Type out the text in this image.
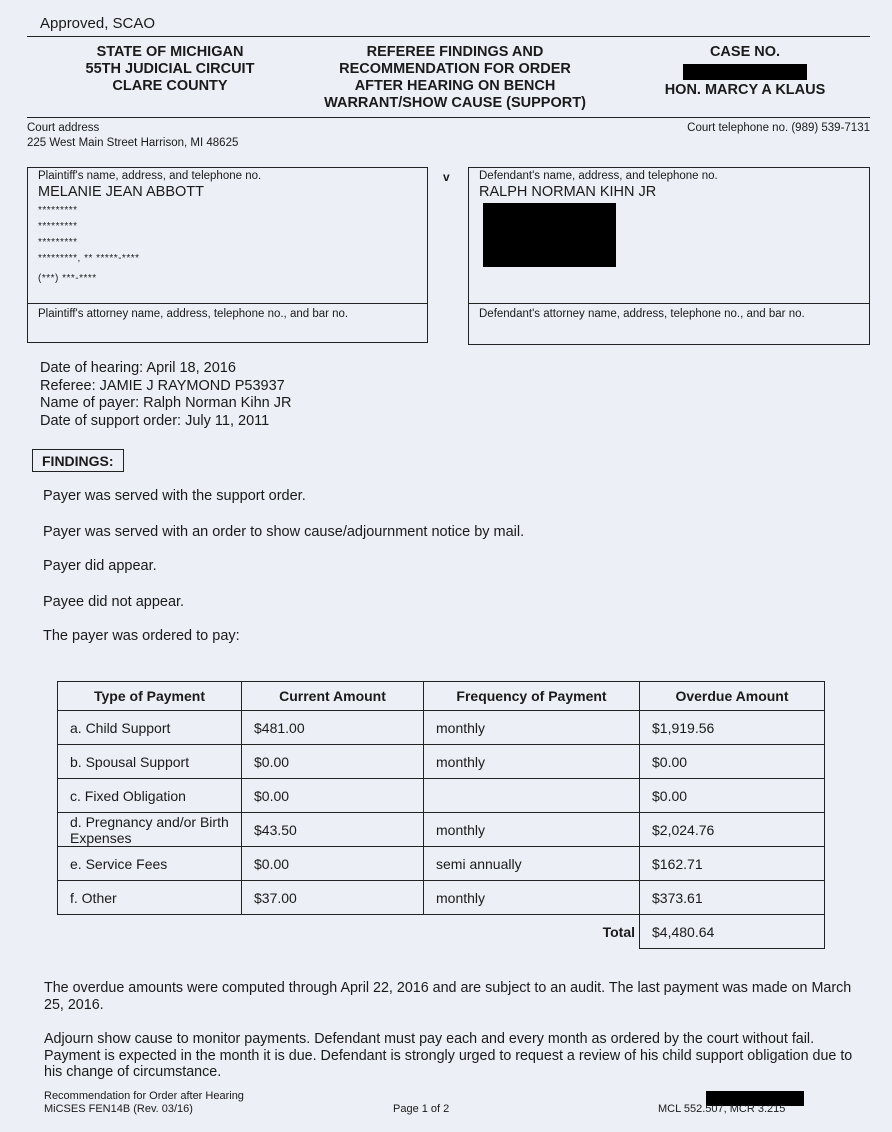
Approved, SCAO
STATE OF MICHIGAN
55TH JUDICIAL CIRCUIT
CLARE COUNTY
REFEREE FINDINGS AND
RECOMMENDATION FOR ORDER
AFTER HEARING ON BENCH
WARRANT/SHOW CAUSE (SUPPORT)
CASE NO.
HON. MARCY A KLAUS
Court address
225 West Main Street Harrison, MI 48625
Court telephone no. (989) 539-7131
Plaintiff's name, address, and telephone no.
MELANIE JEAN ABBOTT
*********
*********
*********
*********, ** *****-****
(***) ***-****
Plaintiff's attorney name, address, telephone no., and bar no.
v	Defendant's name, address, and telephone no.
RALPH NORMAN KIHN JR
Defendant's attorney name, address, telephone no., and bar no.
Date of hearing: April 18, 2016
Referee: JAMIE J RAYMOND P53937
Name of payer: Ralph Norman Kihn JR
Date of support order: July 11, 2011
FINDINGS:
Payer was served with the support order.
Payer was served with an order to show cause/adjournment notice by mail.
Payer did appear.
Payee did not appear.
The payer was ordered to pay:
Type of Payment	Current Amount	Frequency of Payment	Overdue Amount
a. Child Support	$481.00	monthly	$1,919.56
b. Spousal Support	$0.00	monthly	$0.00
c. Fixed Obligation	$0.00		$0.00
d. Pregnancy and/or Birth Expenses	$43.50	monthly	$2,024.76
e. Service Fees	$0.00	semi annually	$162.71
f. Other	$37.00	monthly	$373.61
		Total	$4,480.64
The overdue amounts were computed through April 22, 2016 and are subject to an audit. The last payment was made on March 25, 2016.
Adjourn show cause to monitor payments. Defendant must pay each and every month as ordered by the court without fail. Payment is expected in the month it is due. Defendant is strongly urged to request a review of his child support obligation due to his change of circumstance.
Recommendation for Order after Hearing
MiCSES FEN14B (Rev. 03/16)	Page 1 of 2	MCL 552.507, MCR 3.215
